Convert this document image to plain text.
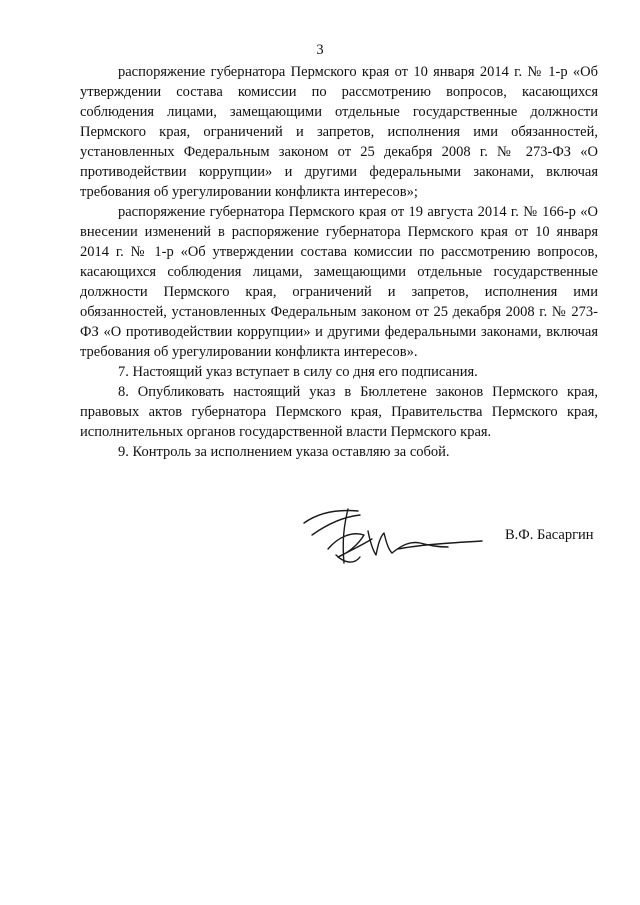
3

распоряжение губернатора Пермского края от 10 января 2014 г. № 1-р «Об утверждении состава комиссии по рассмотрению вопросов, касающихся соблюдения лицами, замещающими отдельные государственные должности Пермского края, ограничений и запретов, исполнения ими обязанностей, установленных Федеральным законом от 25 декабря 2008 г. № 273-ФЗ «О противодействии коррупции» и другими федеральными законами, включая требования об урегулировании конфликта интересов»;

распоряжение губернатора Пермского края от 19 августа 2014 г. № 166-р «О внесении изменений в распоряжение губернатора Пермского края от 10 января 2014 г. № 1-р «Об утверждении состава комиссии по рассмотрению вопросов, касающихся соблюдения лицами, замещающими отдельные государственные должности Пермского края, ограничений и запретов, исполнения ими обязанностей, установленных Федеральным законом от 25 декабря 2008 г. № 273-ФЗ «О противодействии коррупции» и другими федеральными законами, включая требования об урегулировании конфликта интересов».

7. Настоящий указ вступает в силу со дня его подписания.

8. Опубликовать настоящий указ в Бюллетене законов Пермского края, правовых актов губернатора Пермского края, Правительства Пермского края, исполнительных органов государственной власти Пермского края.

9. Контроль за исполнением указа оставляю за собой.

В.Ф. Басаргин
